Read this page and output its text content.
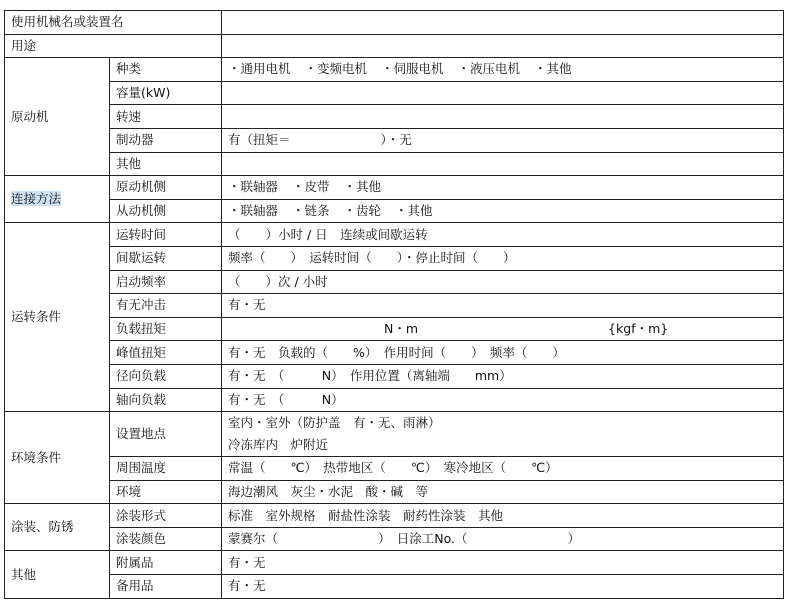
使用机械名或装置名		
用途		
原动机	种类	・通用电机 ・变频电机 ・伺服电机 ・液压电机 ・其他
	容量(kW)	
	转速	
	制动器	有（扭矩＝ ）・无
	其他	
连接方法	原动机侧	・联轴器 ・皮带 ・其他
	从动机侧	・联轴器 ・链条 ・齿轮 ・其他
运转条件	运转时间	（　　）小时 / 日　连续或间歇运转
	间歇运转	频率（　　）　运转时间（　　）・停止时间（　　）
	启动频率	（　　）次 / 小时
	有无冲击	有・无
	负载扭矩	N・m {kgf・m}
	峰值扭矩	有・无　负载的（　　%）　作用时间（　　）　频率（　　）
	径向负载	有・无　（　　　N）　作用位置（离轴端　　mm）
	轴向负载	有・无　（　　　N）
环境条件	设置地点	室内・室外（防护盖　有・无、雨淋）
冷冻库内　炉附近

	周围温度	常温（　　℃）　热带地区（　　℃）　寒冷地区（　　℃）
	环境	海边潮风　灰尘・水泥　酸・碱　等
涂装、防锈	涂装形式	标准　室外规格　耐盐性涂装　耐药性涂装　其他
	涂装颜色	蒙赛尔（ ）　日涂工No.（ ）
其他	附属品	有・无
	备用品	有・无
